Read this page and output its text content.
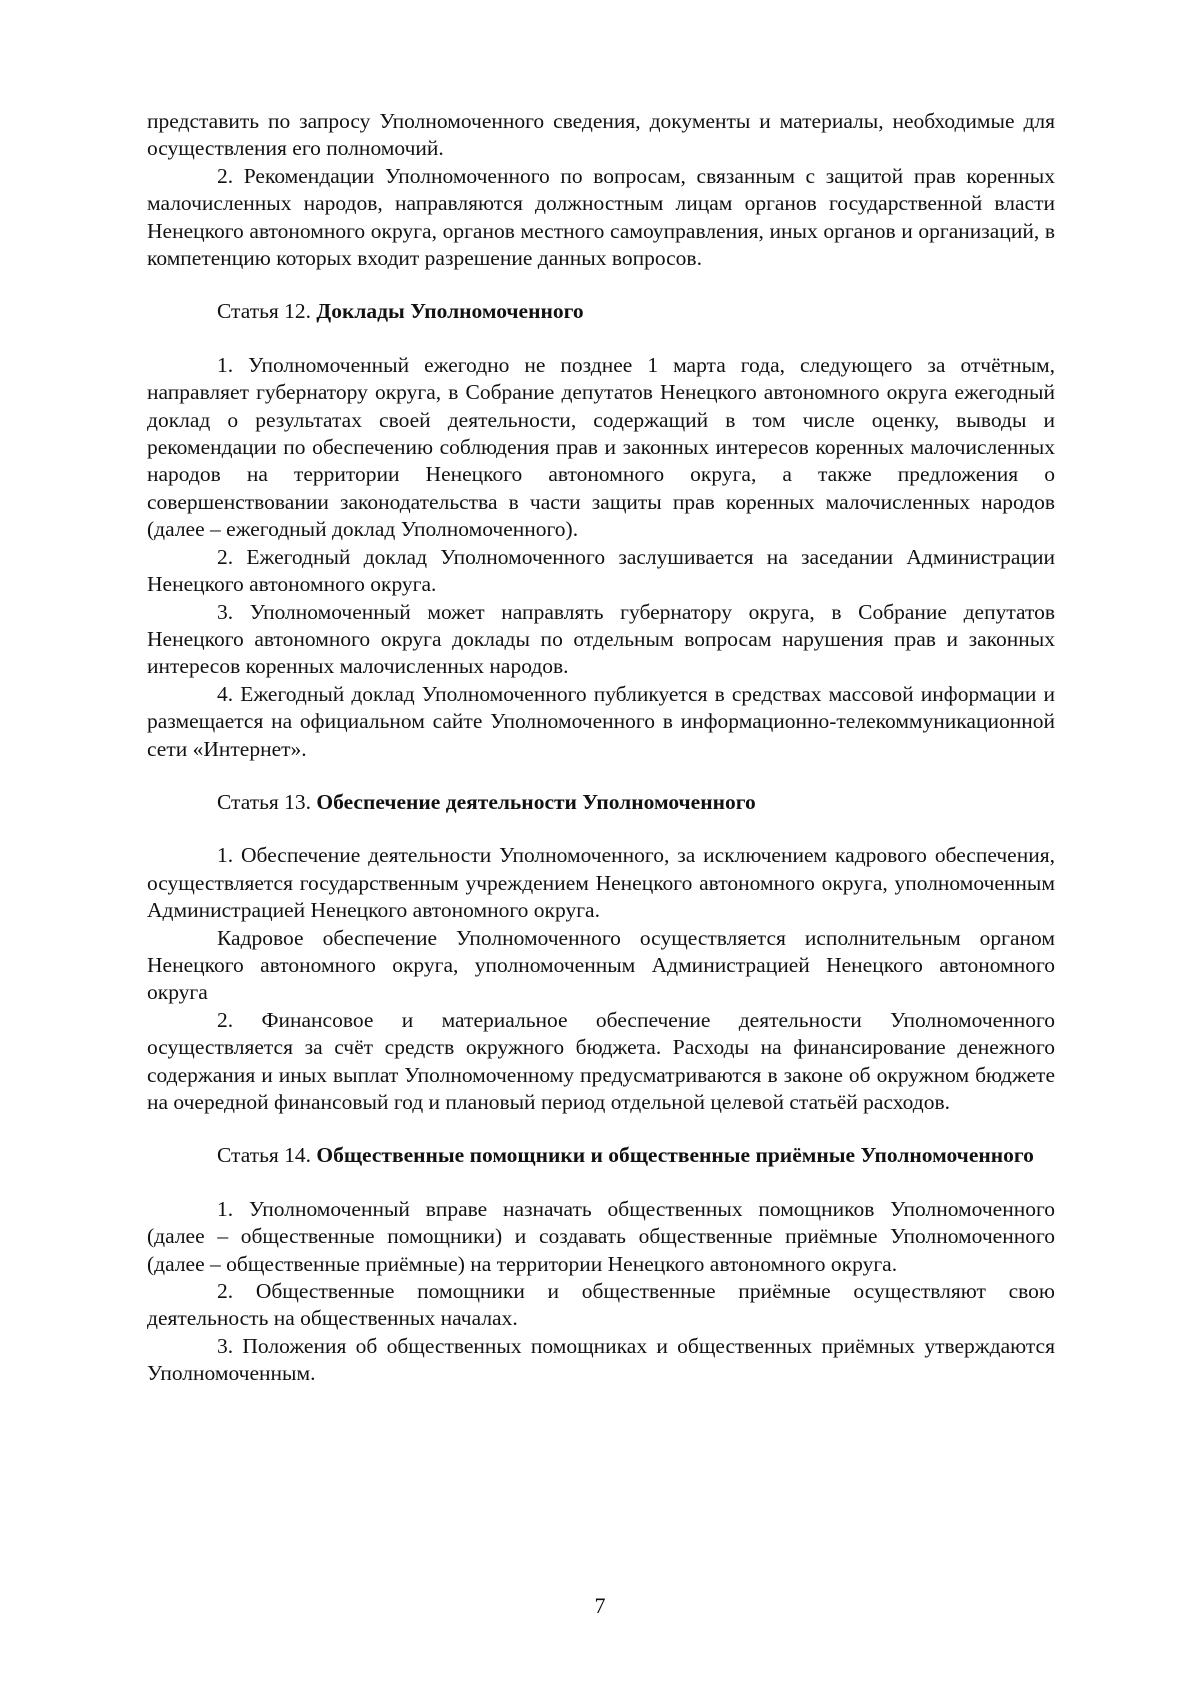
представить по запросу Уполномоченного сведения, документы и материалы, необходимые для осуществления его полномочий.

2. Рекомендации Уполномоченного по вопросам, связанным с защитой прав коренных малочисленных народов, направляются должностным лицам органов государственной власти Ненецкого автономного округа, органов местного самоуправления, иных органов и организаций, в компетенцию которых входит разрешение данных вопросов.

Статья 12. Доклады Уполномоченного

1. Уполномоченный ежегодно не позднее 1 марта года, следующего за отчётным, направляет губернатору округа, в Собрание депутатов Ненецкого автономного округа ежегодный доклад о результатах своей деятельности, содержащий в том числе оценку, выводы и рекомендации по обеспечению соблюдения прав и законных интересов коренных малочисленных народов на территории Ненецкого автономного округа, а также предложения о совершенствовании законодательства в части защиты прав коренных малочисленных народов (далее – ежегодный доклад Уполномоченного).

2. Ежегодный доклад Уполномоченного заслушивается на заседании Администрации Ненецкого автономного округа.

3. Уполномоченный может направлять губернатору округа, в Собрание депутатов Ненецкого автономного округа доклады по отдельным вопросам нарушения прав и законных интересов коренных малочисленных народов.

4. Ежегодный доклад Уполномоченного публикуется в средствах массовой информации и размещается на официальном сайте Уполномоченного в информационно-телекоммуникационной сети «Интернет».

Статья 13. Обеспечение деятельности Уполномоченного

1. Обеспечение деятельности Уполномоченного, за исключением кадрового обеспечения, осуществляется государственным учреждением Ненецкого автономного округа, уполномоченным Администрацией Ненецкого автономного округа.

Кадровое обеспечение Уполномоченного осуществляется исполнительным органом Ненецкого автономного округа, уполномоченным Администрацией Ненецкого автономного округа

2. Финансовое и материальное обеспечение деятельности Уполномоченного осуществляется за счёт средств окружного бюджета. Расходы на финансирование денежного содержания и иных выплат Уполномоченному предусматриваются в законе об окружном бюджете на очередной финансовый год и плановый период отдельной целевой статьёй расходов.

Статья 14. Общественные помощники и общественные приёмные Уполномоченного

1. Уполномоченный вправе назначать общественных помощников Уполномоченного (далее – общественные помощники) и создавать общественные приёмные Уполномоченного (далее – общественные приёмные) на территории Ненецкого автономного округа.

2. Общественные помощники и общественные приёмные осуществляют свою деятельность на общественных началах.

3. Положения об общественных помощниках и общественных приёмных утверждаются Уполномоченным.

7
